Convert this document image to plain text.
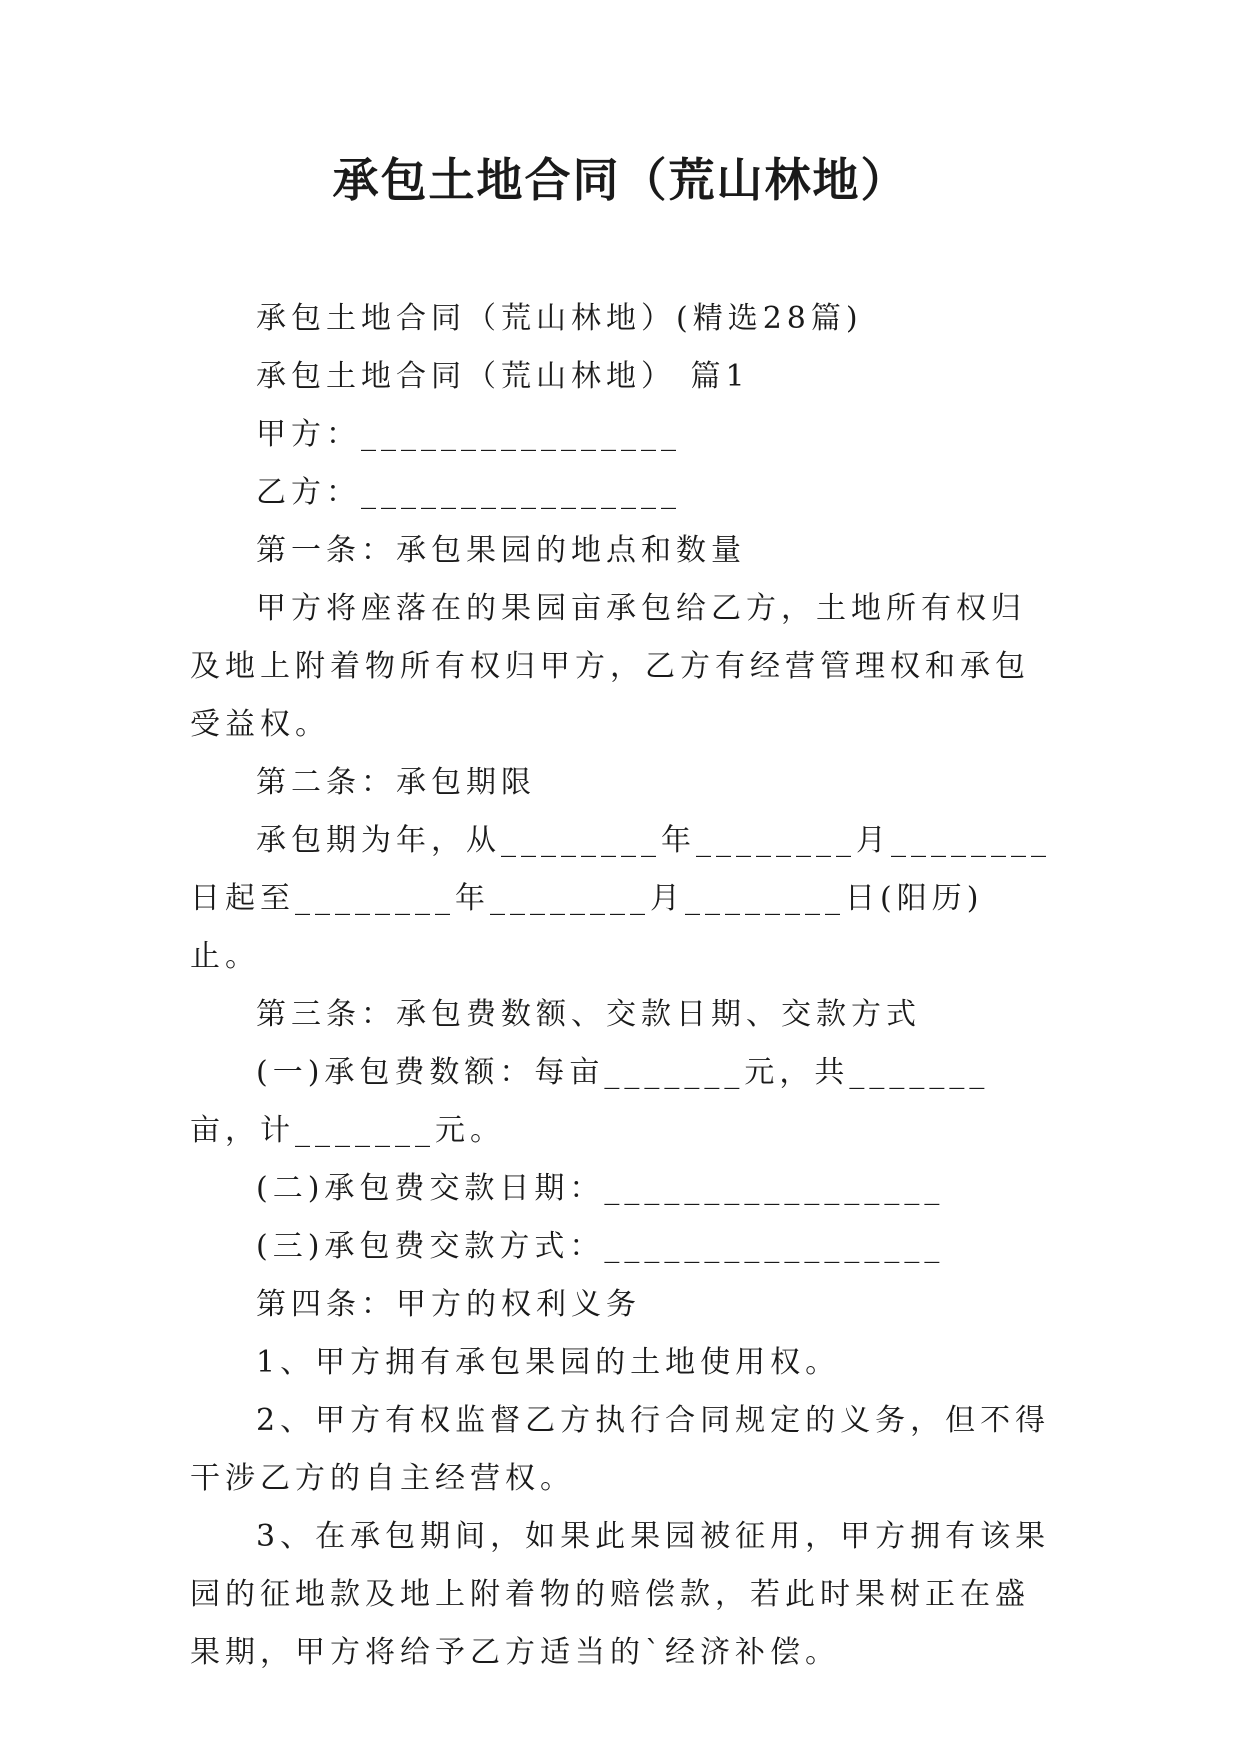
承包土地合同（荒山林地）

承包土地合同（荒山林地）(精选28篇)

承包土地合同（荒山林地） 篇1

甲方：________________

乙方：________________

第一条：承包果园的地点和数量

甲方将座落在的果园亩承包给乙方，土地所有权归及地上附着物所有权归甲方，乙方有经营管理权和承包受益权。

第二条：承包期限

承包期为年，从________年________月________日起至________年________月________日(阳历)止。

第三条：承包费数额、交款日期、交款方式

(一)承包费数额：每亩_______元，共_______亩，计_______元。

(二)承包费交款日期：_________________

(三)承包费交款方式：_________________

第四条：甲方的权利义务

1、甲方拥有承包果园的土地使用权。

2、甲方有权监督乙方执行合同规定的义务，但不得干涉乙方的自主经营权。

3、在承包期间，如果此果园被征用，甲方拥有该果园的征地款及地上附着物的赔偿款，若此时果树正在盛果期，甲方将给予乙方适当的`经济补偿。
